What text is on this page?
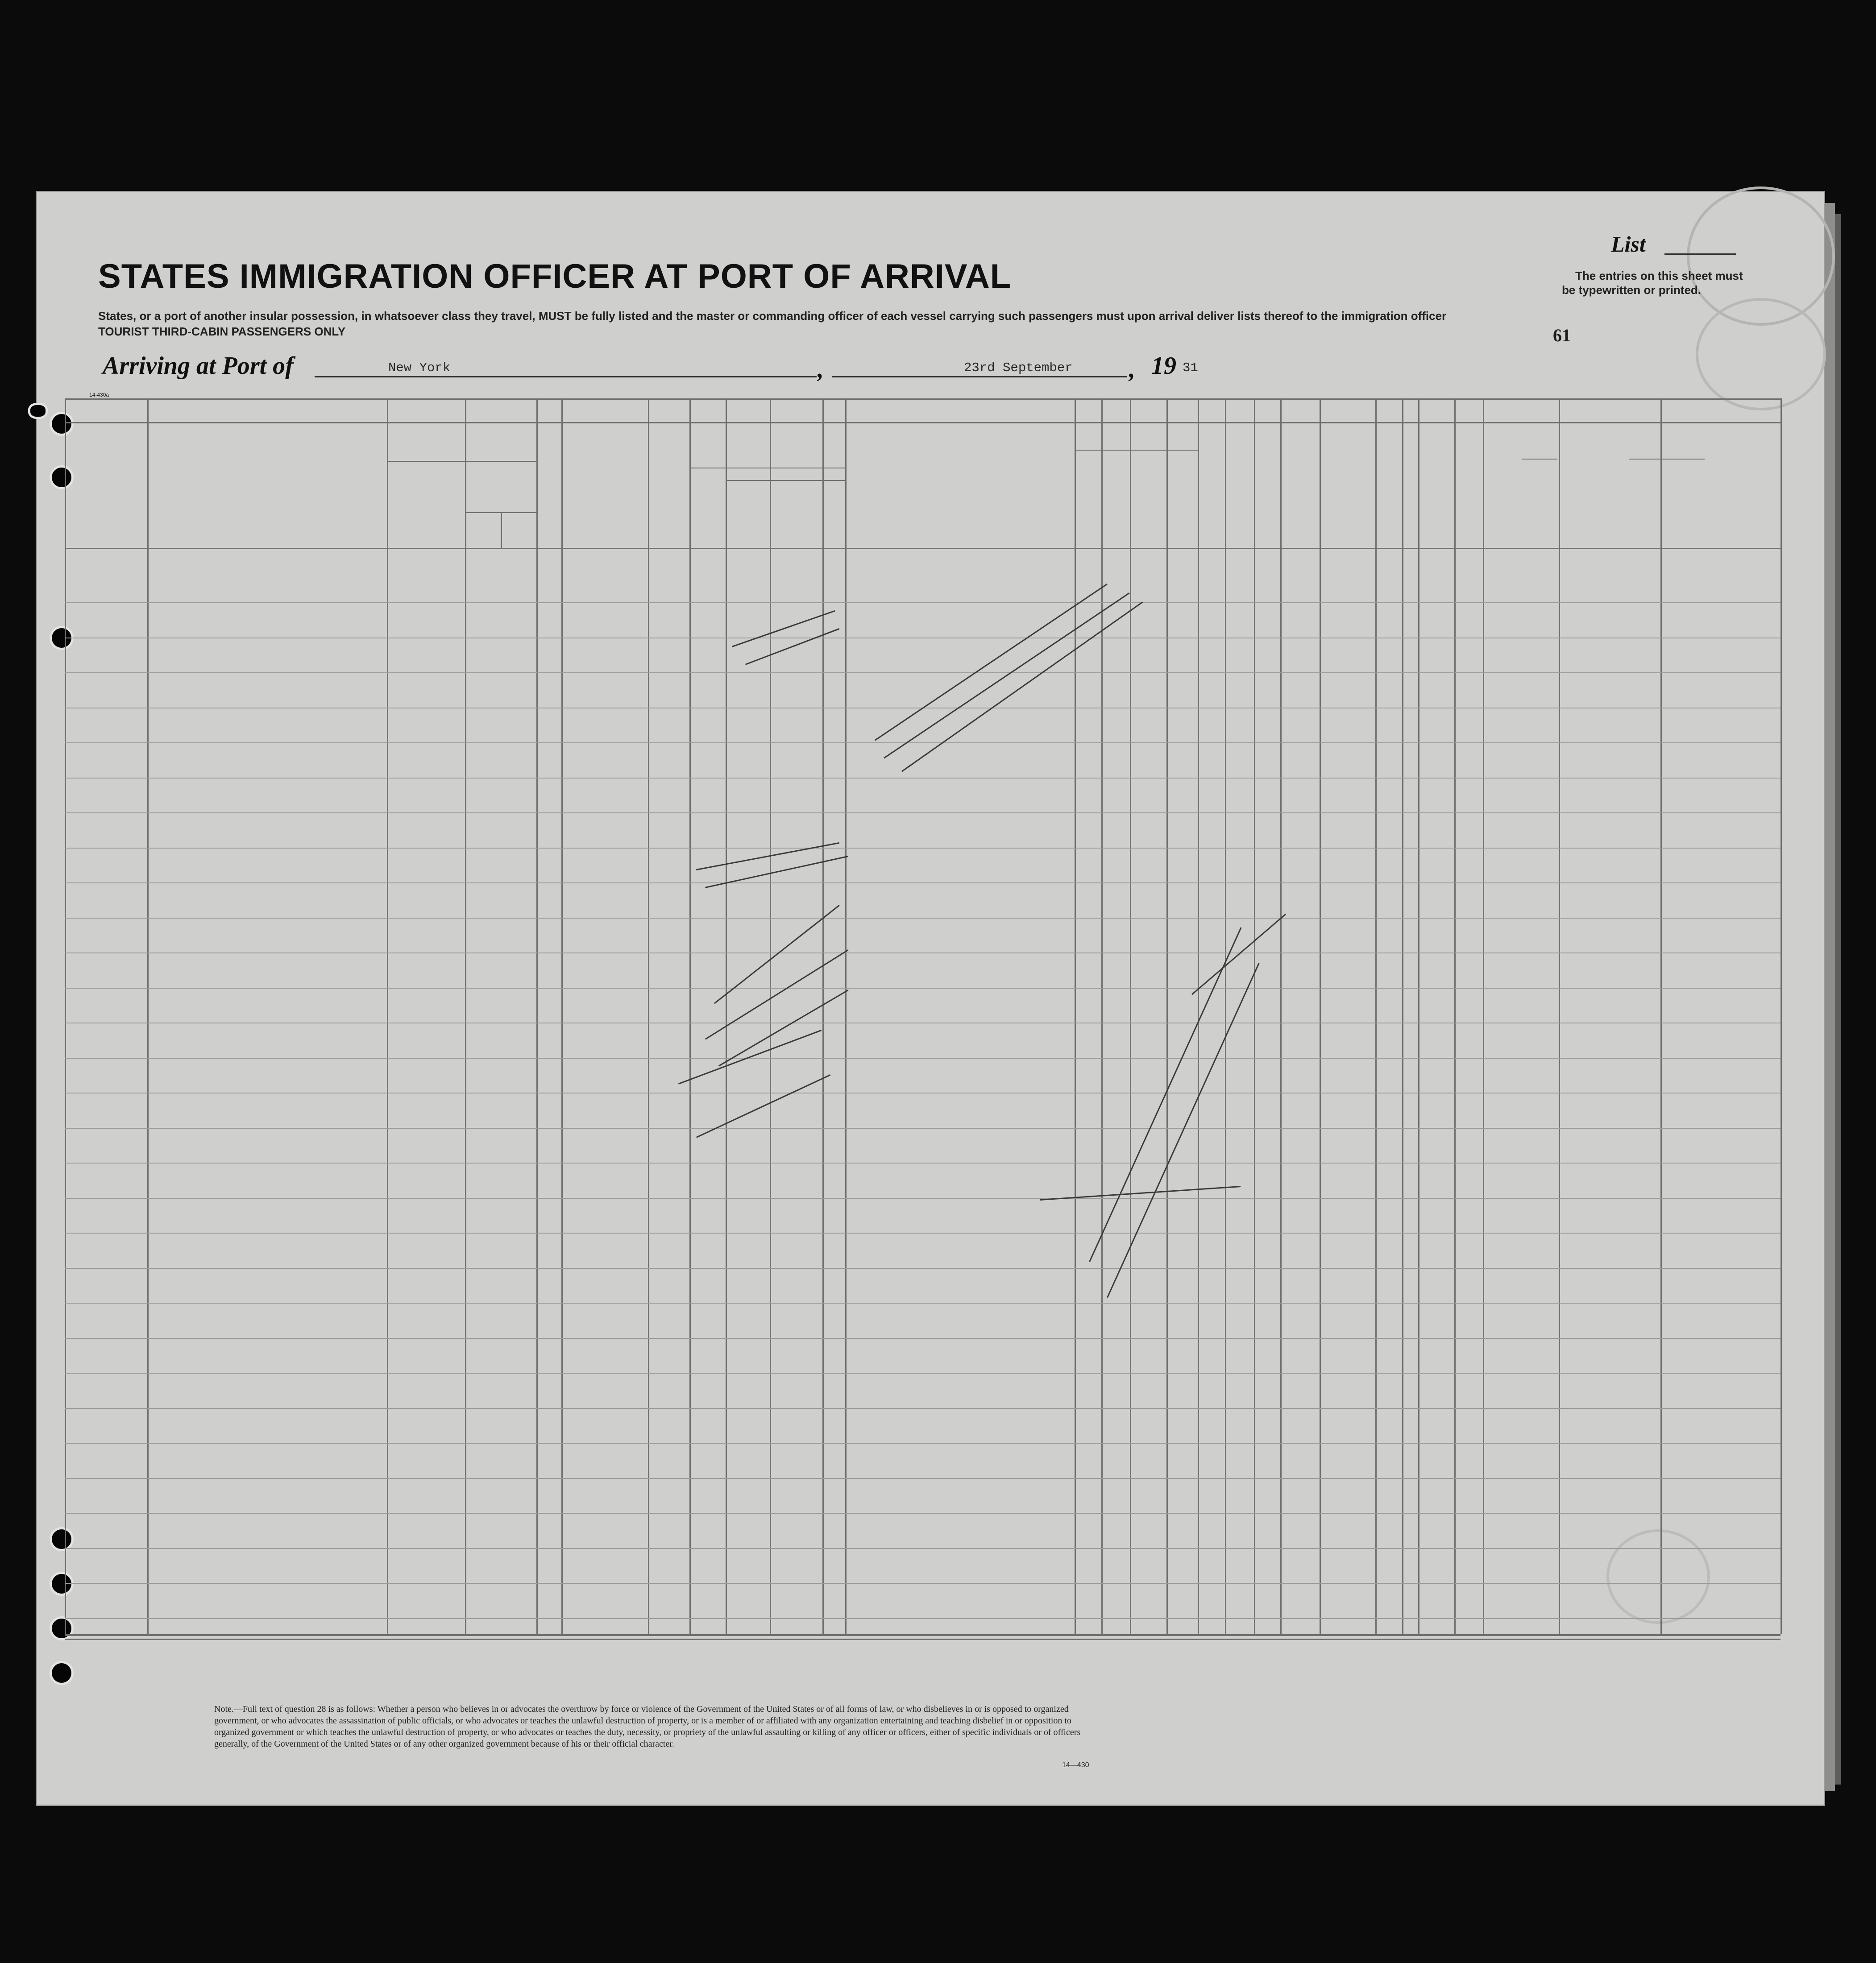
STATES IMMIGRATION OFFICER AT PORT OF ARRIVAL
States, or a port of another insular possession, in whatsoever class they travel, MUST be fully listed and the master or commanding officer of each vessel carrying such passengers must upon arrival deliver lists thereof to the immigration officer
TOURIST THIRD-CABIN PASSENGERS ONLY
Arriving at Port of	New York	,	23rd September , 19 31
List
The entries on this sheet must
be typewritten or printed.
61
14-430a
Note.—Full text of question 28 is as follows: Whether a person who believes in or advocates the overthrow by force or violence of the Government of the United States or of all forms of law, or who disbelieves in or is opposed to organized government, or who advocates the assassination of public officials, or who advocates or teaches the unlawful destruction of property, or is a member of or affiliated with any organization entertaining and teaching disbelief in or opposition to organized government or which teaches the unlawful destruction of property, or who advocates or teaches the duty, necessity, or propriety of the unlawful assaulting or killing of any officer or officers, either of specific individuals or of officers generally, of the Government of the United States or of any other organized government because of his or their official character.
14—430
